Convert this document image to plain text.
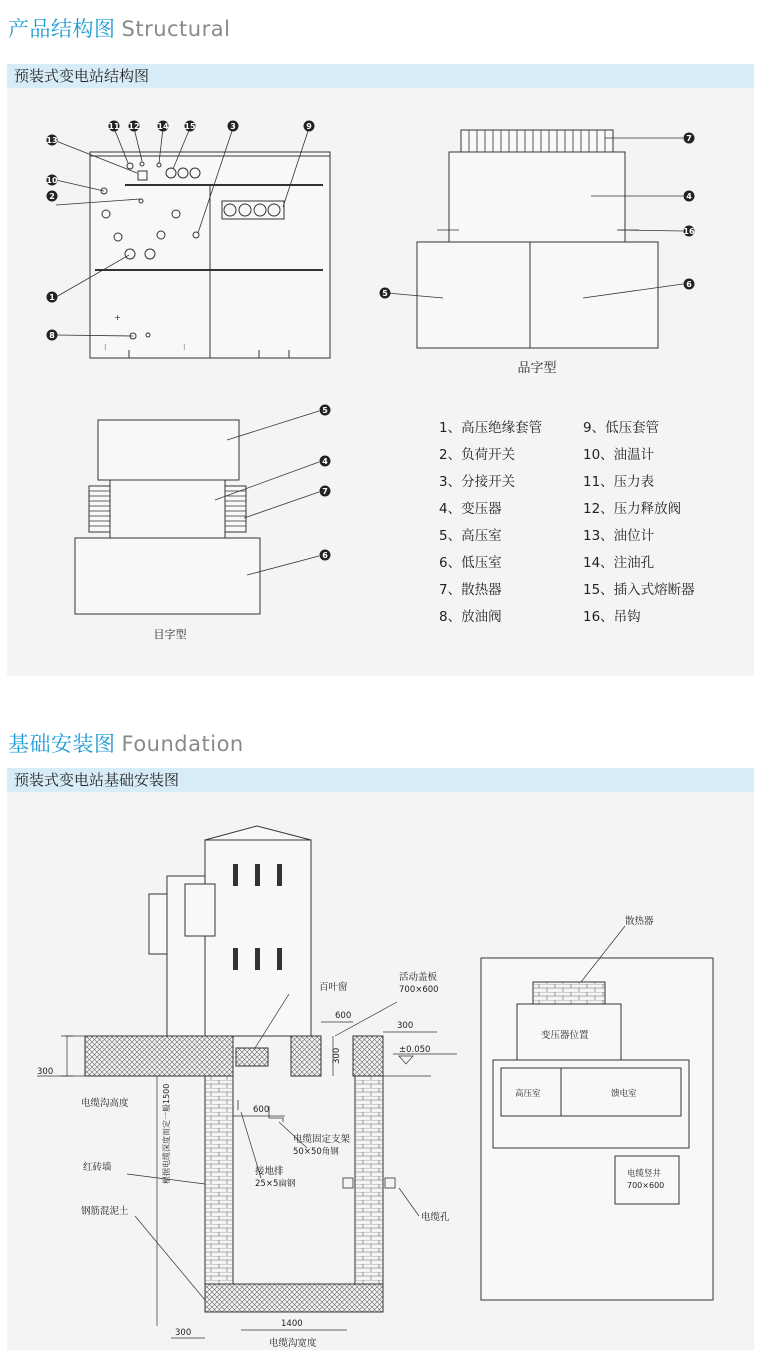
产品结构图 Structural
预装式变电站结构图
+
⁝	⁝
11 12 14 15	3	9
13
10
2
1
8
7
4
16
5
6
品字型
5
4
7
6
目字型
1、高压绝缘套管
2、负荷开关
3、分接开关
4、变压器
5、高压室
6、低压室
7、散热器
8、放油阀
9、低压套管
10、油温计
11、压力表
12、压力释放阀
13、油位计
14、注油孔
15、插入式熔断器
16、吊钩
基础安装图 Foundation
预装式变电站基础安装图
百叶窗
活动盖板
700×600
600
300
300	±0.050
300
电缆沟高度	根据电缆深度而定一般1500	600
电缆固定支架
50×50角钢
红砖墙	接地排
25×5扁钢
钢筋混泥土
电缆孔
300
1400
电缆沟宽度
散热器
变压器位置
高压室	馈电室
电缆竖井
700×600
